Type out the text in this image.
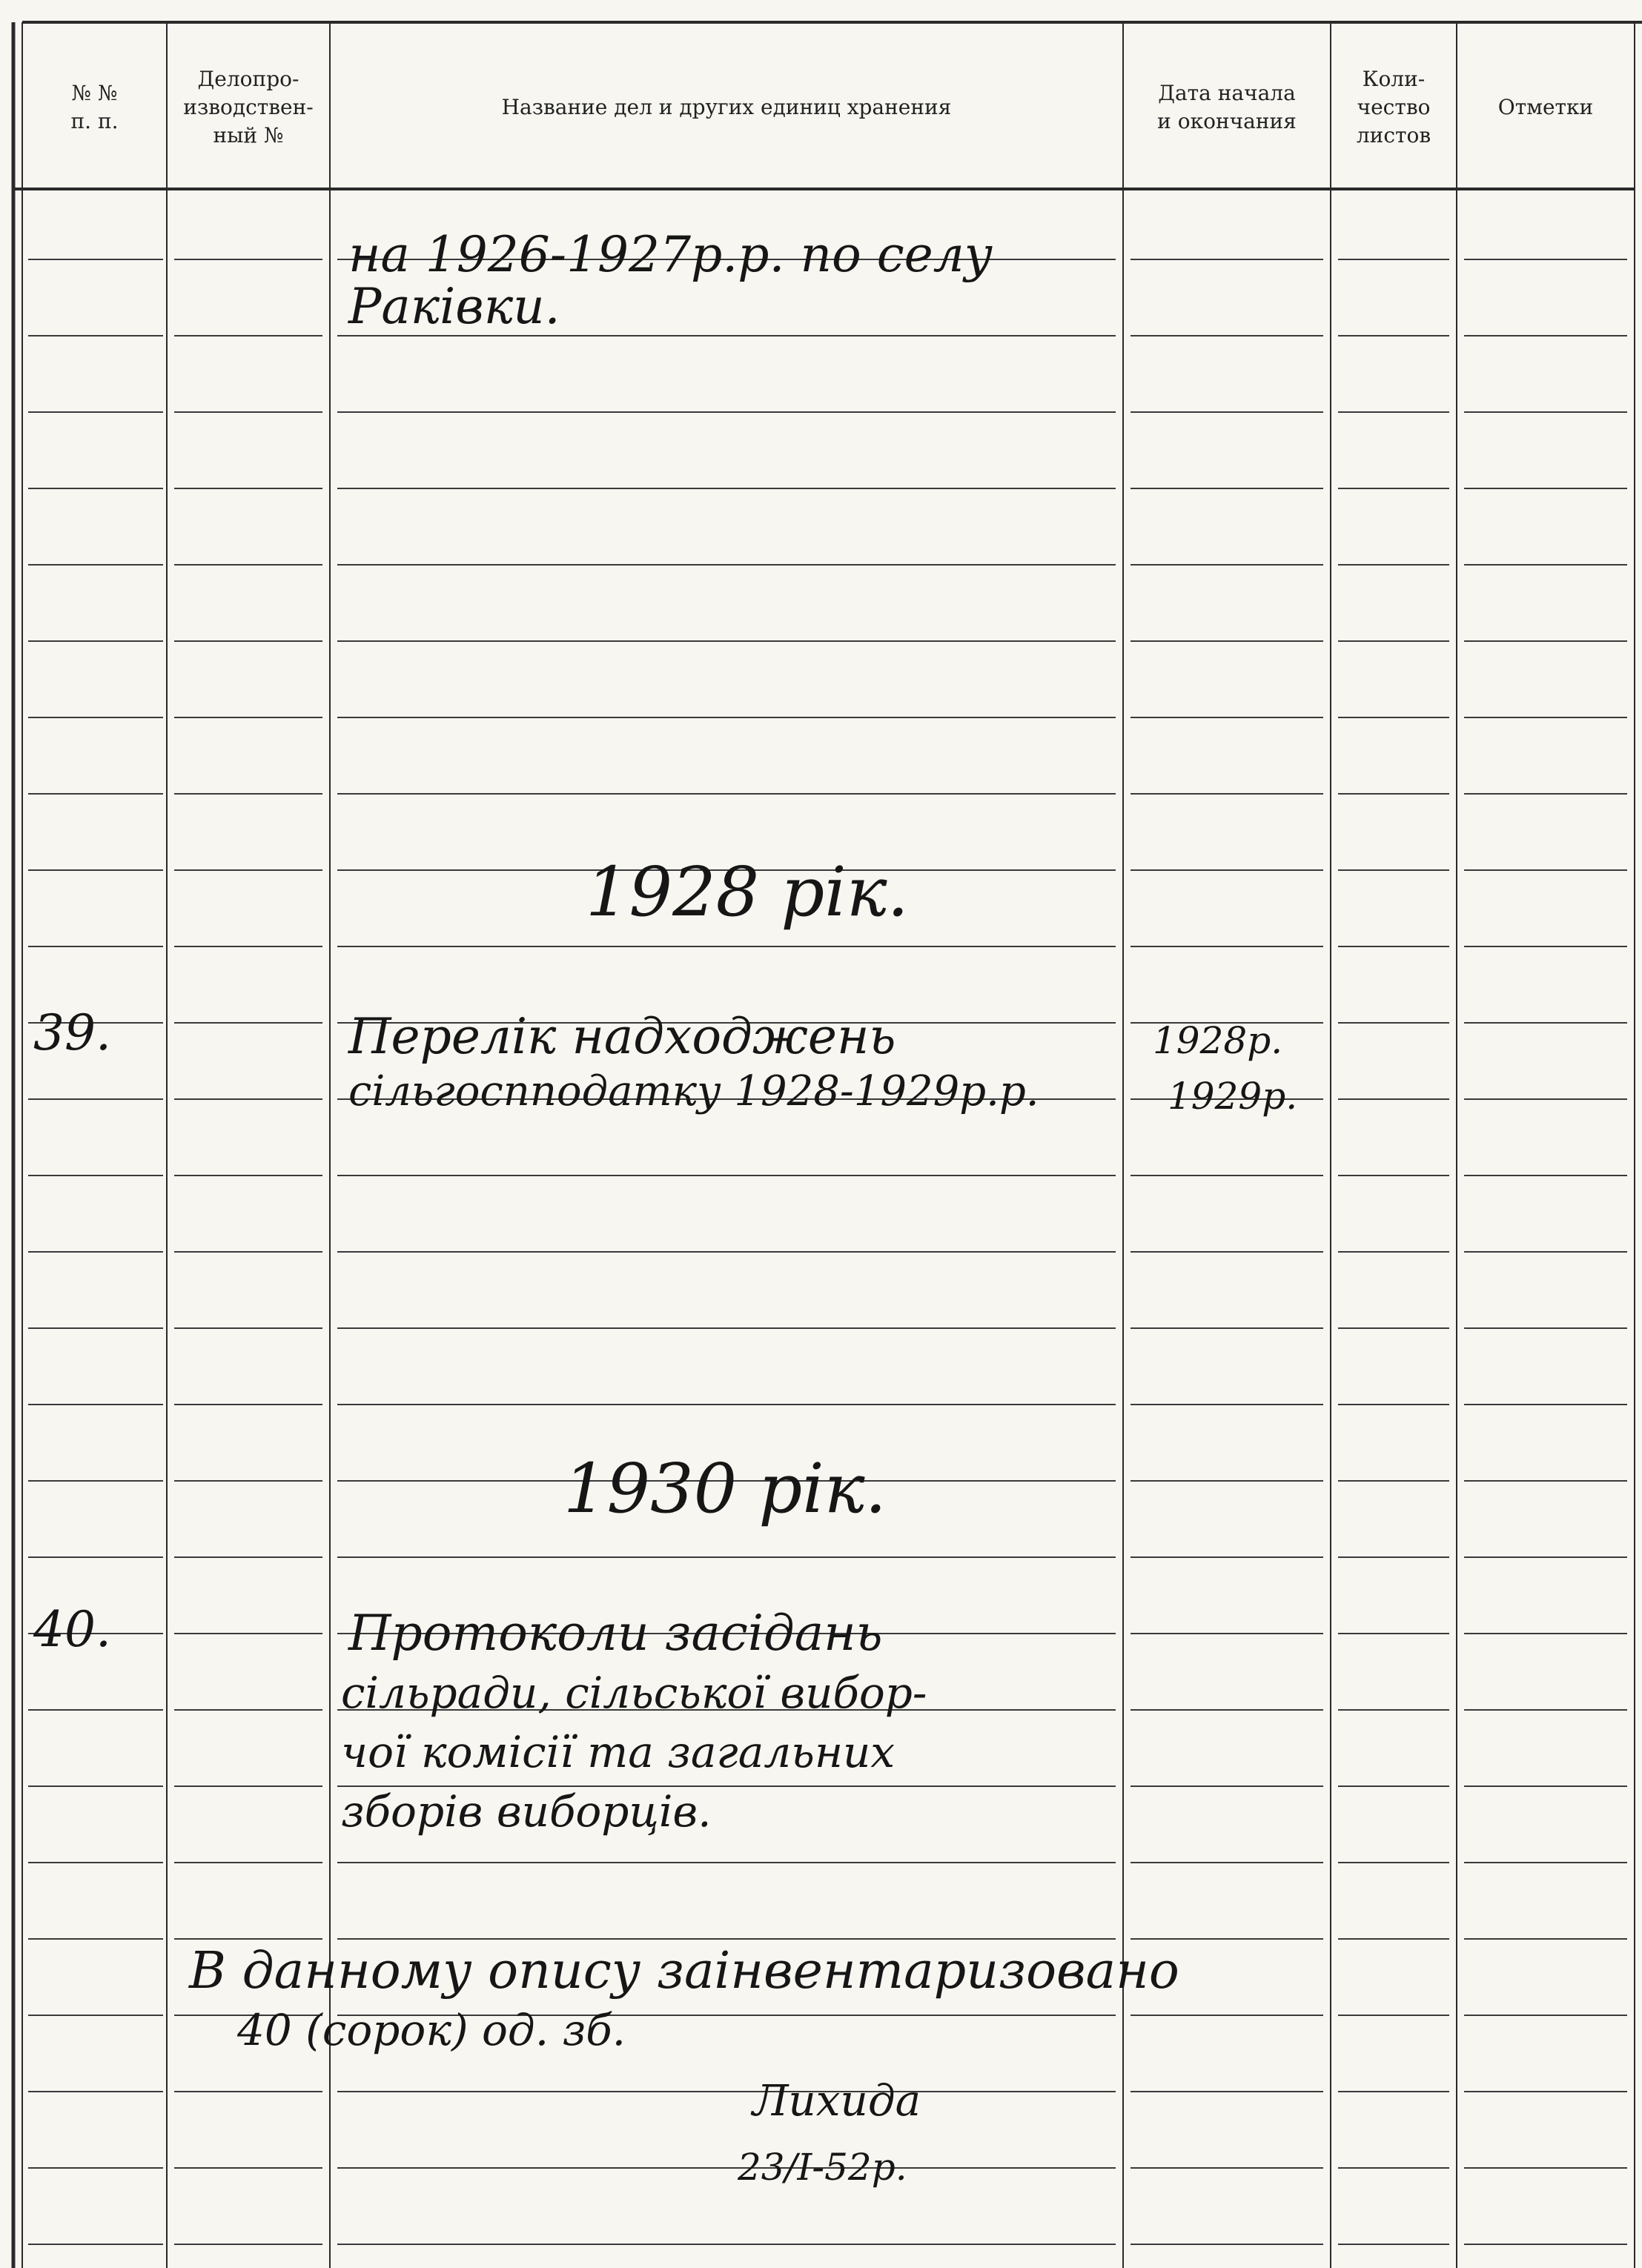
№ №
п. п.
Делопро-
изводствен-
ный №
Название дел и других единиц хранения
Дата начала
и окончания
Коли-
чество
листов
Отметки
на 1926-1927р.р. по селу
Раківки.
1928 рік.
39.	Перелік надходжень
сільгоспподатку 1928-1929р.р.
1928р.
1929р.
1930 рік.
40.	Протоколи засідань
сільради, сільської вибор-
чої комісії та загальних
зборів виборців.
В данному опису заінвентаризовано
40 (сорок) од. зб.
Лихида
23/I-52р.
